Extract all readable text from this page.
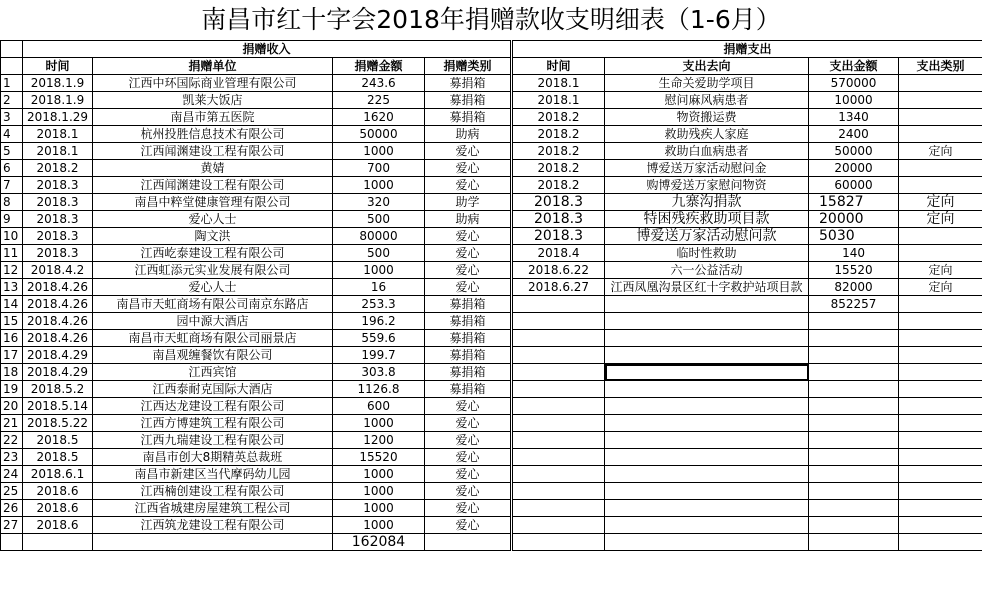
南昌市红十字会2018年捐赠款收支明细表（1-6月）
	捐赠收入					捐赠支出			
	时间	捐赠单位	捐赠金额	捐赠类别		时间	支出去向	支出金额	支出类别
1	2018.1.9	江西中环国际商业管理有限公司	243.6	募捐箱		2018.1	生命关爱助学项目	570000	
2	2018.1.9	凯莱大饭店	225	募捐箱		2018.1	慰问麻风病患者	10000	
3	2018.1.29	南昌市第五医院	1620	募捐箱		2018.2	物资搬运费	1340	
4	2018.1	杭州投胜信息技术有限公司	50000	助病		2018.2	救助残疾人家庭	2400	
5	2018.1	江西闻渊建设工程有限公司	1000	爱心		2018.2	救助白血病患者	50000	定向
6	2018.2	黄婧	700	爱心		2018.2	博爱送万家活动慰问金	20000	
7	2018.3	江西闻渊建设工程有限公司	1000	爱心		2018.2	购博爱送万家慰问物资	60000	
8	2018.3	南昌中粹堂健康管理有限公司	320	助学		2018.3	九寨沟捐款	15827	定向
9	2018.3	爱心人士	500	助病		2018.3	特困残疾救助项目款	20000	定向
10	2018.3	陶文洪	80000	爱心		2018.3	博爱送万家活动慰问款	5030	
11	2018.3	江西屹泰建设工程有限公司	500	爱心		2018.4	临时性救助	140	
12	2018.4.2	江西虹添元实业发展有限公司	1000	爱心		2018.6.22	六一公益活动	15520	定向
13	2018.4.26	爱心人士	16	爱心		2018.6.27	江西凤凰沟景区红十字救护站项目款	82000	定向
14	2018.4.26	南昌市天虹商场有限公司南京东路店	253.3	募捐箱				852257	
15	2018.4.26	园中源大酒店	196.2	募捐箱					
16	2018.4.26	南昌市天虹商场有限公司丽景店	559.6	募捐箱					
17	2018.4.29	南昌观缠餐饮有限公司	199.7	募捐箱					
18	2018.4.29	江西宾馆	303.8	募捐箱					
19	2018.5.2	江西泰耐克国际大酒店	1126.8	募捐箱					
20	2018.5.14	江西达龙建设工程有限公司	600	爱心					
21	2018.5.22	江西方博建筑工程有限公司	1000	爱心					
22	2018.5	江西九瑞建设工程有限公司	1200	爱心					
23	2018.5	南昌市创大8期精英总裁班	15520	爱心					
24	2018.6.1	南昌市新建区当代摩码幼儿园	1000	爱心					
25	2018.6	江西楠创建设工程有限公司	1000	爱心					
26	2018.6	江西省城建房屋建筑工程公司	1000	爱心					
27	2018.6	江西筑龙建设工程有限公司	1000	爱心					
			162084						
